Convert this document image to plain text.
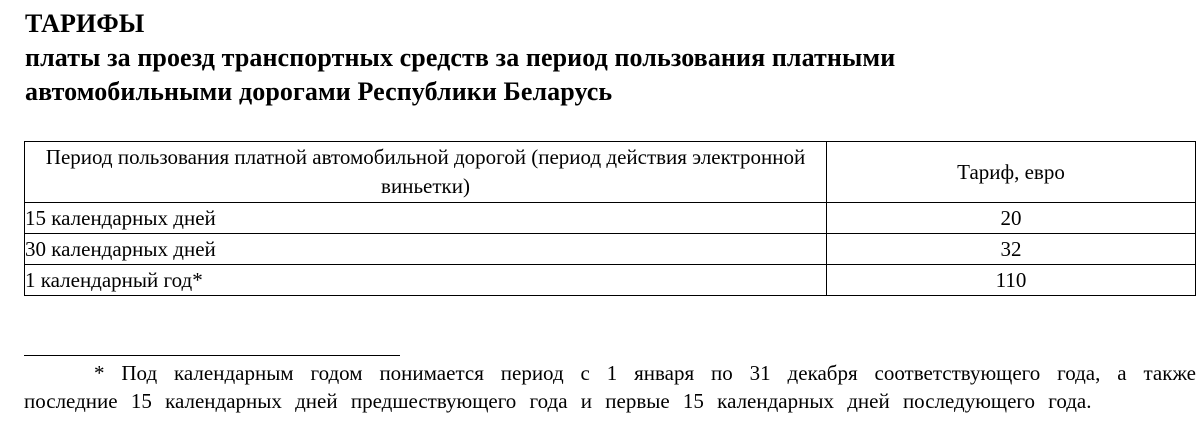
ТАРИФЫ
платы за проезд транспортных средств за период пользования платными
автомобильными дорогами Республики Беларусь
Период пользования платной автомобильной дорогой (период действия электронной виньетки)	Тариф, евро
15 календарных дней	20
30 календарных дней	32
1 календарный год*	110
* Под календарным годом понимается период с 1 января по 31 декабря соответствующего года, а также последние 15 календарных дней предшествующего года и первые 15 календарных дней последующего года.
